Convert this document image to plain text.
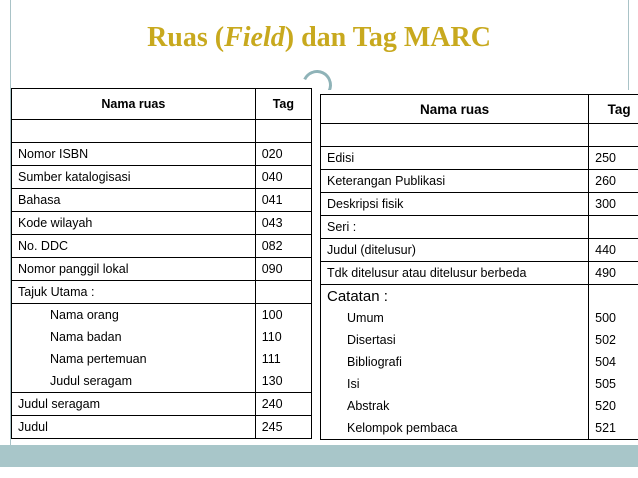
Ruas (Field) dan Tag MARC
Nama ruas	Tag

Nomor ISBN	020
Sumber katalogisasi	040
Bahasa	041
Kode wilayah	043
No. DDC	082
Nomor panggil lokal	090
Tajuk Utama :	
Nama orang	100
Nama badan	110
Nama pertemuan	111
Judul seragam	130
Judul seragam	240
Judul	245
Nama ruas	Tag

Edisi	250
Keterangan Publikasi	260
Deskripsi fisik	300
Seri :	
Judul (ditelusur)	440
Tdk ditelusur atau ditelusur berbeda	490
Catatan :	
Umum	500
Disertasi	502
Bibliografi	504
Isi	505
Abstrak	520
Kelompok pembaca	521
6
